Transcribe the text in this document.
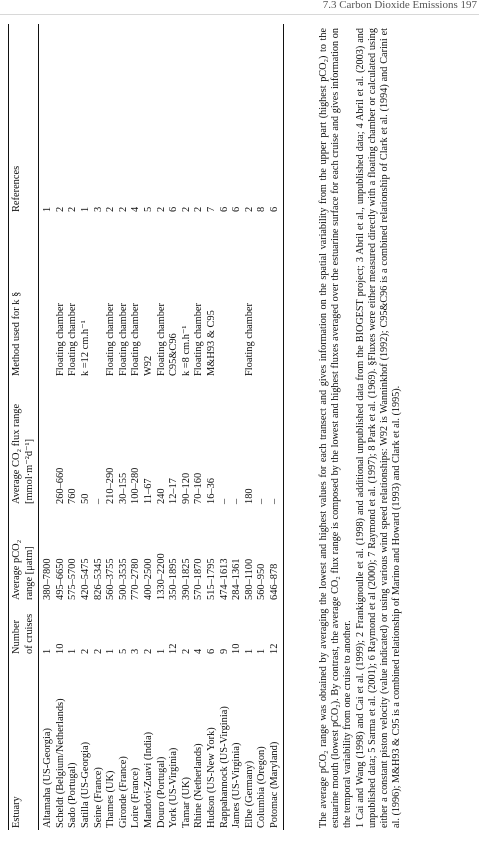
7.3 Carbon Dioxide Emissions 197
Estuary	Number of cruises	Average pCO₂ range [μatm]	Average CO₂ flux range [mmol·m⁻²d⁻¹]	Method used for k §	References
Altamaha (US-Georgia)	1	380–7800			1
Scheldt (Belgium/Netherlands)	10	495–6650	260–660	Floating chamber	2
Sado (Portugal)	1	575–5700	760	Floating chamber	2
Satilla (US-Georgia)	2	420–5475	50	k =12 cm.h⁻¹	1
Seine (France)	2	826–5345	–		3
Thames (UK)	1	560–3755	210–290	Floating chamber	2
Gironde (France)	5	500–3535	30–155	Floating chamber	2
Loire (France)	3	770–2780	100–280	Floating chamber	4
Mandovi-Zuavi (India)	2	400–2500	11–67	W92	5
Douro (Portugal)	1	1330–2200	240	Floating chamber	2
York (US-Virginia)	12	350–1895	12–17	C95&C96	6
Tamar (UK)	2	390–1825	90–120	k =8 cm.h⁻¹	2
Rhine (Netherlands)	4	570–1870	70–160	Floating chamber	2
Hudson (US-New York)	6	515–1795	16–36	M&H93 & C95	7
Rappahannock (US-Virginia)	9	474–1613	–		6
James (US-Virginia)	10	284–1361	–		6
Elbe (Germany)	1	580–1100	180	Floating chamber	2
Columbia (Oregon)	1	560–950	–		8
Potomac (Maryland)	12	646–878	–		6	The average pCO₂ range was obtained by averaging the lowest and highest values for each transect and gives information on the spatial variability from the upper part (highest pCO₂) to the estuarine mouth (lowest pCO₂). By contrast, the average CO₂ flux range is composed by the lowest and highest fluxes averaged over the estuarine surface for each cruise and gives information on the temporal variability from one cruise to another. 1 Cai and Wang (1998) and Cai et al. (1999); 2 Frankignoulle et al. (1998) and additional unpublished data from the BIOGEST project; 3 Abril et al., unpublished data; 4 Abril et al. (2003) and unpublished data; 5 Sarma et al. (2001); 6 Raymond et al (2000); 7 Raymond et al. (1997); 8 Park et al. (1969). §Fluxes were either measured directly with a floating chamber or calculated using either a constant piston velocity (value indicated) or using various wind speed relationships: W92 is Wanninkhof (1992); C95&C96 is a combined relationship of Clark et al. (1994) and Carini et al. (1996); M&H93 & C95 is a combined relationship of Marino and Howard (1993) and Clark et al. (1995).
